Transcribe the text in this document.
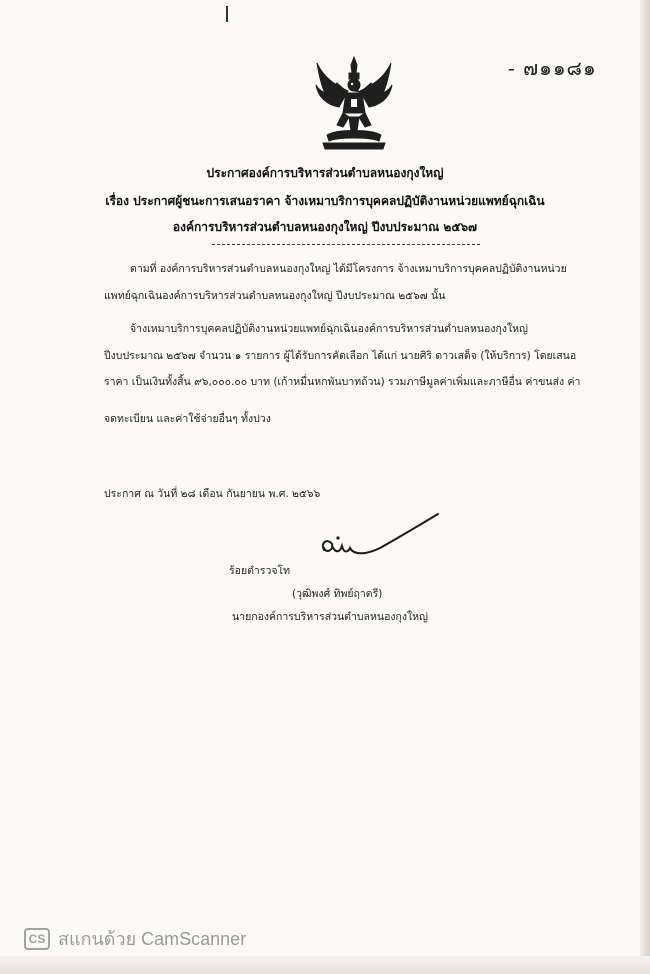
- ๗๑๑๘๑
ประกาศองค์การบริหารส่วนตำบลหนองกุงใหญ่
เรื่อง ประกาศผู้ชนะการเสนอราคา จ้างเหมาบริการบุคคลปฏิบัติงานหน่วยแพทย์ฉุกเฉิน
องค์การบริหารส่วนตำบลหนองกุงใหญ่ ปีงบประมาณ ๒๕๖๗
ตามที่ องค์การบริหารส่วนตำบลหนองกุงใหญ่ ได้มีโครงการ จ้างเหมาบริการบุคคลปฏิบัติงานหน่วย
แพทย์ฉุกเฉินองค์การบริหารส่วนตำบลหนองกุงใหญ่ ปีงบประมาณ ๒๕๖๗ นั้น
จ้างเหมาบริการบุคคลปฏิบัติงานหน่วยแพทย์ฉุกเฉินองค์การบริหารส่วนตำบลหนองกุงใหญ่
ปีงบประมาณ ๒๕๖๗ จำนวน ๑ รายการ ผู้ได้รับการคัดเลือก ได้แก่ นายศิริ ดาวเสด็จ (ให้บริการ) โดยเสนอ
ราคา เป็นเงินทั้งสิ้น ๙๖,๐๐๐.๐๐ บาท (เก้าหมื่นหกพันบาทถ้วน) รวมภาษีมูลค่าเพิ่มและภาษีอื่น ค่าขนส่ง ค่า
จดทะเบียน และค่าใช้จ่ายอื่นๆ ทั้งปวง
ประกาศ ณ วันที่ ๒๘ เดือน กันยายน พ.ศ. ๒๕๖๖
ร้อยตำรวจโท
(วุฒิพงศ์ ทิพย์ฤาตรี)
นายกองค์การบริหารส่วนตำบลหนองกุงใหญ่
CS สแกนด้วย CamScanner
